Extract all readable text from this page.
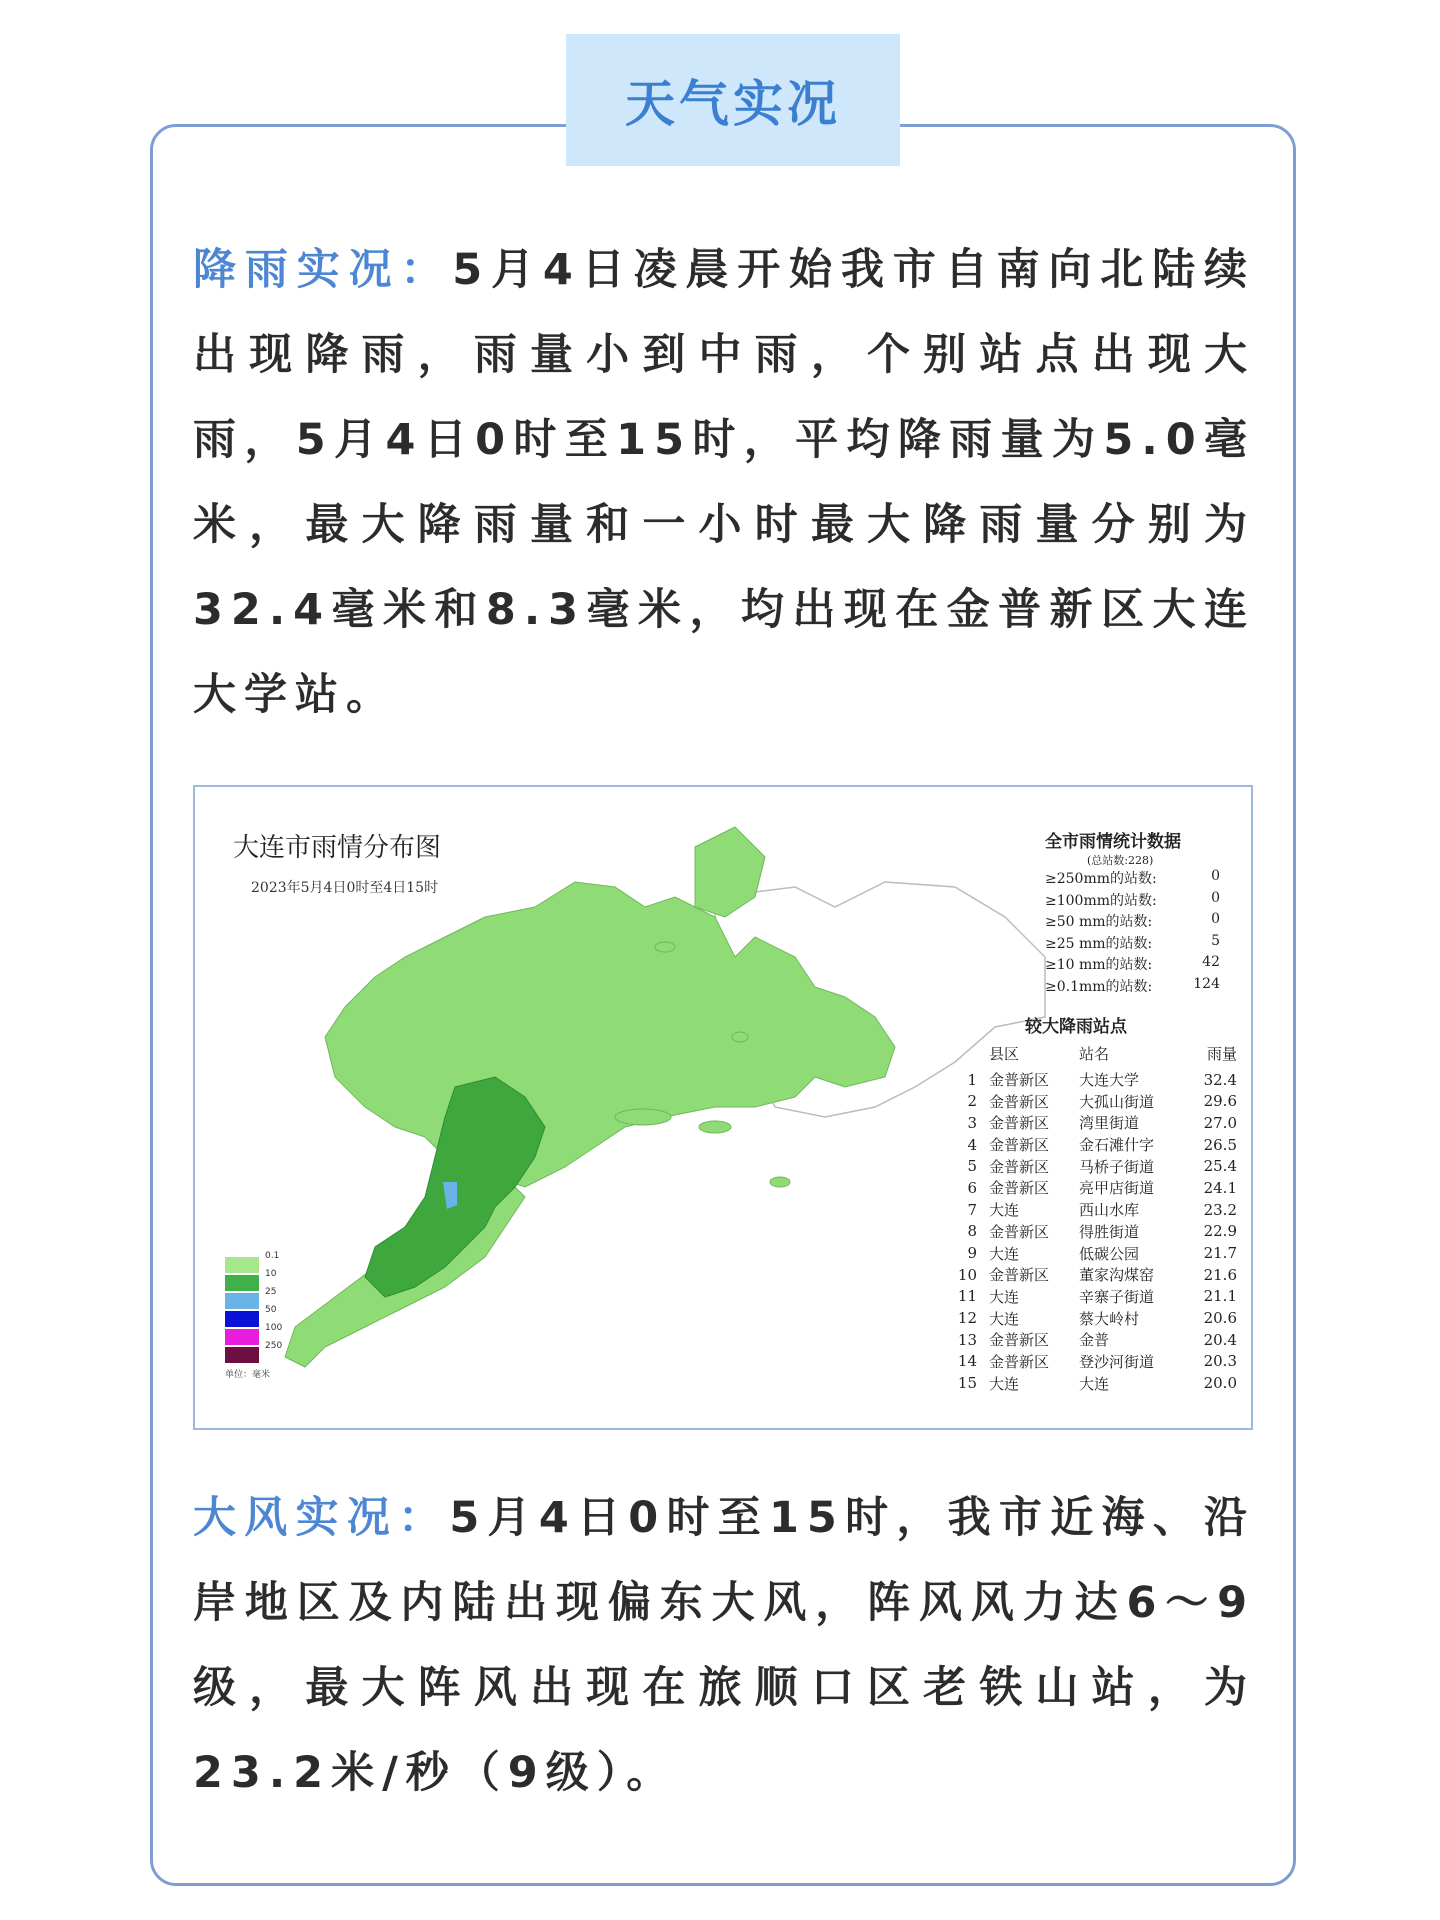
天气实况
降雨实况：5月4日凌晨开始我市自南向北陆续出现降雨，雨量小到中雨，个别站点出现大雨，5月4日0时至15时，平均降雨量为5.0毫米，最大降雨量和一小时最大降雨量分别为32.4毫米和8.3毫米，均出现在金普新区大连大学站。
大连市雨情分布图
2023年5月4日0时至4日15时
全市雨情统计数据
(总站数:228)
≥250mm的站数:	0
≥100mm的站数:	0
≥50 mm的站数:	0
≥25 mm的站数:	5
≥10 mm的站数:	42
≥0.1mm的站数:	124
较大降雨站点
县区	站名	雨量
1 金普新区	大连大学	32.4
2 金普新区	大孤山街道	29.6
3 金普新区	湾里街道	27.0
4 金普新区	金石滩什字	26.5
5 金普新区	马桥子街道	25.4
6 金普新区	亮甲店街道	24.1
7 大连	西山水库	23.2
8 金普新区	得胜街道	22.9
9 大连	低碳公园	21.7
10 金普新区	董家沟煤窑	21.6
11 大连	辛寨子街道	21.1
12 大连	蔡大岭村	20.6
13 金普新区	金普	20.4
14 金普新区	登沙河街道	20.3
15 大连	大连	20.0
0.1
10
25
50
100
250
单位：毫米
大风实况：5月4日0时至15时，我市近海、沿岸地区及内陆出现偏东大风，阵风风力达6～9级，最大阵风出现在旅顺口区老铁山站，为23.2米/秒（9级）。
